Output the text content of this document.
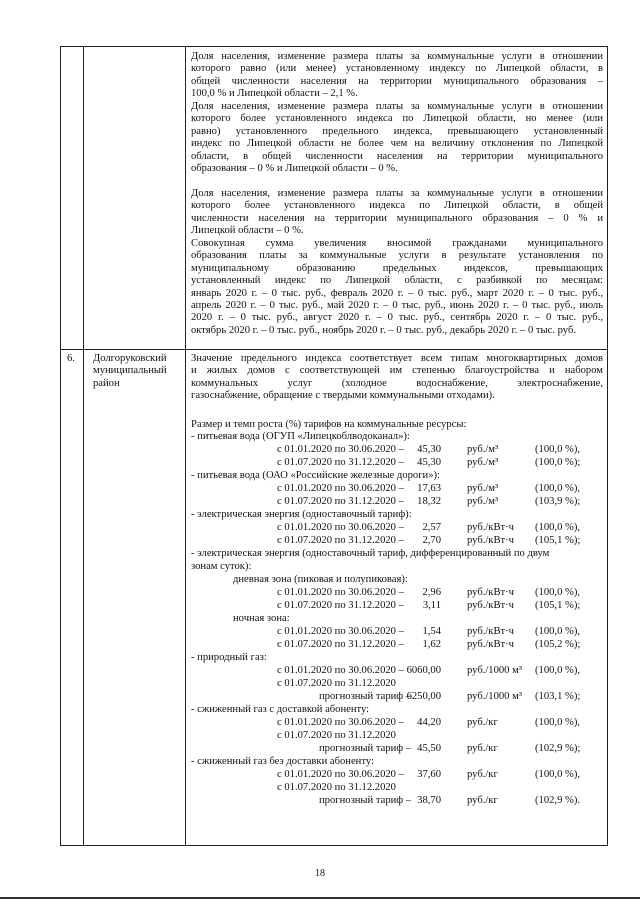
Доля населения, изменение размера платы за коммунальные услуги в отношении
которого равно (или менее) установленному индексу по Липецкой области, в
общей численности населения на территории муниципального образования –
100,0 % и Липецкой области – 2,1 %.
Доля населения, изменение размера платы за коммунальные услуги в отношении
которого более установленного индекса по Липецкой области, но менее (или
равно) установленного предельного индекса, превышающего установленный
индекс по Липецкой области не более чем на величину отклонения по Липецкой
области, в общей численности населения на территории муниципального
образования – 0 % и Липецкой области – 0 %.
Доля населения, изменение размера платы за коммунальные услуги в отношении
которого более установленного индекса по Липецкой области, в общей
численности населения на территории муниципального образования – 0 % и
Липецкой области – 0 %.
Совокупная сумма увеличения вносимой гражданами муниципального
образования платы за коммунальные услуги в результате установления по
муниципальному образованию предельных индексов, превышающих
установленный индекс по Липецкой области, с разбивкой по месяцам:
январь 2020 г. – 0 тыс. руб., февраль 2020 г. – 0 тыс. руб., март 2020 г. – 0 тыс. руб.,
апрель 2020 г. – 0 тыс. руб., май 2020 г. – 0 тыс. руб., июнь 2020 г. – 0 тыс. руб., июль
2020 г. – 0 тыс. руб., август 2020 г. – 0 тыс. руб., сентябрь 2020 г. – 0 тыс. руб.,
октябрь 2020 г. – 0 тыс. руб., ноябрь 2020 г. – 0 тыс. руб., декабрь 2020 г. – 0 тыс. руб.
6. Долгоруковский муниципальный район
Значение предельного индекса соответствует всем типам многоквартирных домов
и жилых домов с соответствующей им степенью благоустройства и набором
коммунальных услуг (холодное водоснабжение, электроснабжение,
газоснабжение, обращение с твердыми коммунальными отходами).
Размер и темп роста (%) тарифов на коммунальные ресурсы:
- питьевая вода (ОГУП «Липецкоблводоканал»):
с 01.01.2020 по 30.06.2020 –	45,30 руб./м³	(100,0 %),
с 01.07.2020 по 31.12.2020 –	45,30 руб./м³	(100,0 %);
- питьевая вода (ОАО «Российские железные дороги»):
с 01.01.2020 по 30.06.2020 –	17,63 руб./м³	(100,0 %),
с 01.07.2020 по 31.12.2020 –	18,32 руб./м³	(103,9 %);
- электрическая энергия (одноставочный тариф):
с 01.01.2020 по 30.06.2020 –	2,57 руб./кВт·ч (100,0 %),
с 01.07.2020 по 31.12.2020 –	2,70 руб./кВт·ч (105,1 %);
- электрическая энергия (одноставочный тариф, дифференцированный по двум
зонам суток):
дневная зона (пиковая и полупиковая):
с 01.01.2020 по 30.06.2020 –	2,96 руб./кВт·ч (100,0 %),
с 01.07.2020 по 31.12.2020 –	3,11 руб./кВт·ч (105,1 %);
ночная зона:
с 01.01.2020 по 30.06.2020 –	1,54 руб./кВт·ч (100,0 %),
с 01.07.2020 по 31.12.2020 –	1,62 руб./кВт·ч (105,2 %);
- природный газ:
с 01.01.2020 по 30.06.2020 – 6060,00 руб./1000 м³ (100,0 %),
с 01.07.2020 по 31.12.2020
прогнозный тариф –
6250,00 руб./1000 м³ (103,1 %);
- сжиженный газ с доставкой абоненту:
с 01.01.2020 по 30.06.2020 –	44,20 руб./кг	(100,0 %),
с 01.07.2020 по 31.12.2020
прогнозный тариф – 45,50 руб./кг	(102,9 %);
- сжиженный газ без доставки абоненту:
с 01.01.2020 по 30.06.2020 –	37,60 руб./кг	(100,0 %),
с 01.07.2020 по 31.12.2020
прогнозный тариф – 38,70 руб./кг	(102,9 %).
18
